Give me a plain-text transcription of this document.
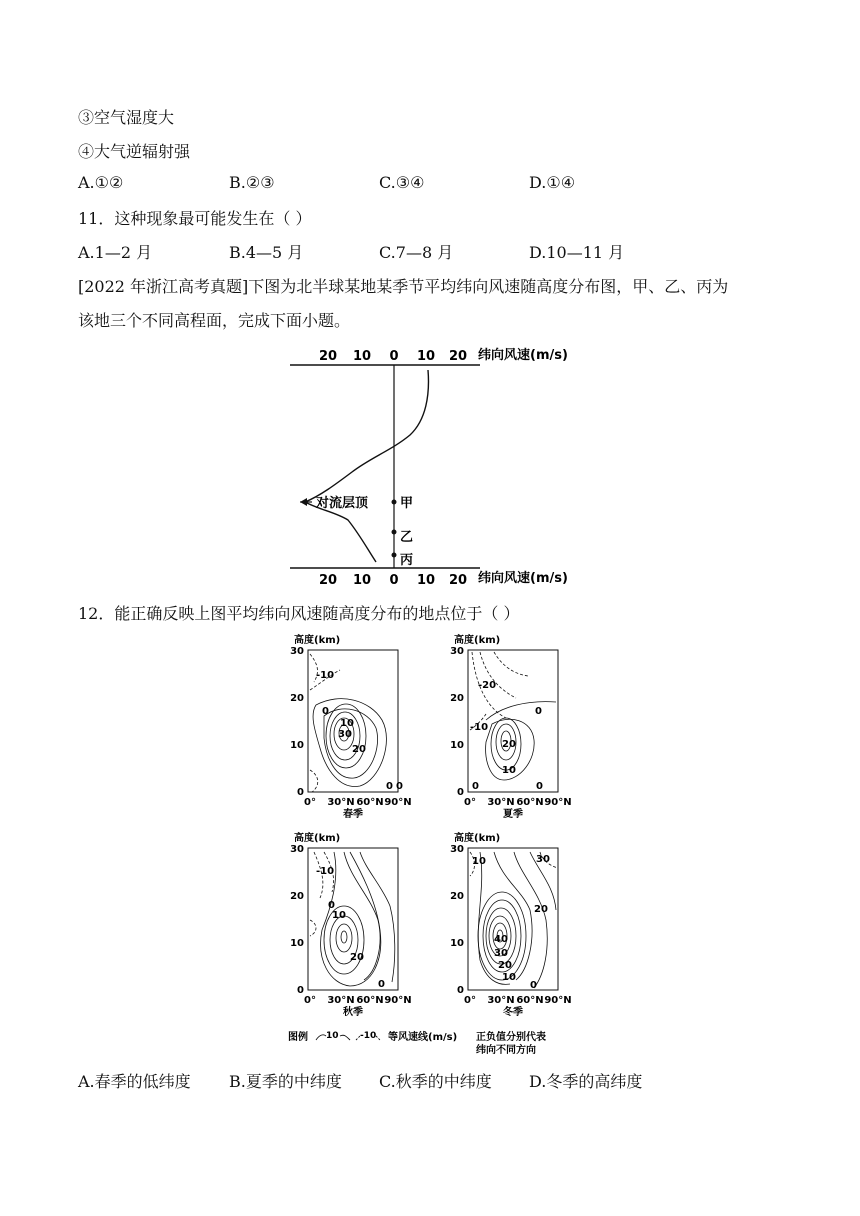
③空气湿度大
④大气逆辐射强
A.①②	B.②③	C.③④	D.①④
11．这种现象最可能发生在（ ）
A.1—2 月	B.4—5 月	C.7—8 月	D.10—11 月
[2022 年浙江高考真题]下图为北半球某地某季节平均纬向风速随高度分布图，甲、乙、丙为
该地三个不同高程面，完成下面小题。
20 10 0 10 20 纬向风速(m/s)
对流层顶 甲
乙
丙
20 10 0 10 20 纬向风速(m/s)
12．能正确反映上图平均纬向风速随高度分布的地点位于（ ）
高度(km)
30
20
10
0
0° 30°N 60°N 90°N
春季
-10
0
10
30
20
0 0
高度(km)
30
20
10
0
0° 30°N 60°N 90°N
夏季
-20
-10
0
20
10
0	0
高度(km)
30
20
10
0
0° 30°N 60°N 90°N
秋季
-10
0
10
20
0
高度(km)
30
20
10
0
0° 30°N 60°N 90°N
冬季
10	30
20
40
30
20
10
0
图例 10 -10 等风速线(m/s) 正负值分别代表
纬向不同方向
A.春季的低纬度 B.夏季的中纬度 C.秋季的中纬度 D.冬季的高纬度
